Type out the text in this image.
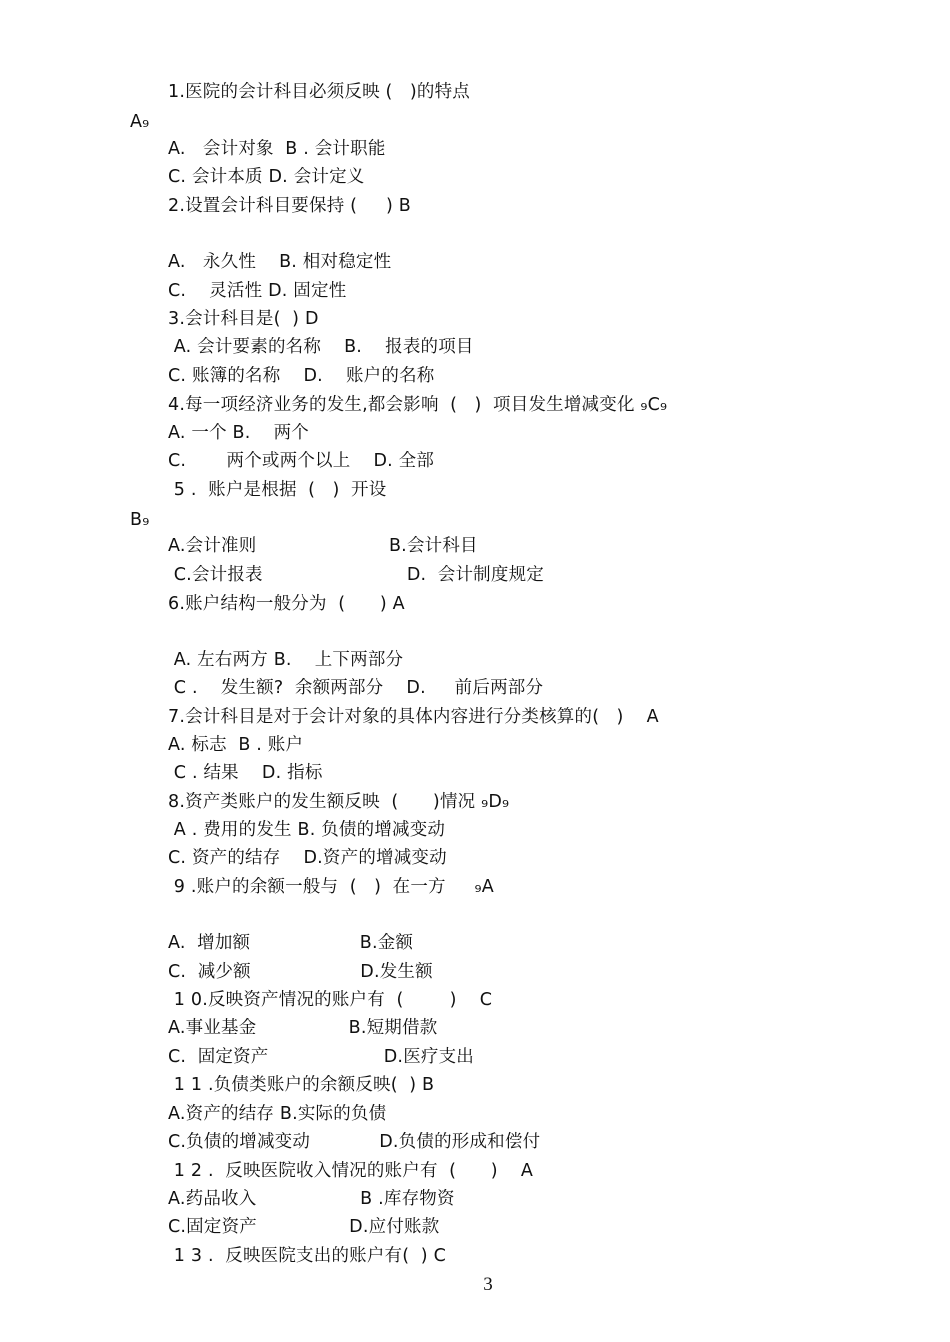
1.医院的会计科目必须反映 (   )的特点
A₉
A.   会计对象  B . 会计职能
C. 会计本质 D. 会计定义
2.设置会计科目要保持 (     ) B
A.   永久性    B. 相对稳定性
C.    灵活性 D. 固定性
3.会计科目是(  ) D
A. 会计要素的名称    B.    报表的项目
C. 账簿的名称    D.    账户的名称
4.每一项经济业务的发生,都会影响  (   )  项目发生增减变化 ₉C₉
A. 一个 B.    两个
C.       两个或两个以上    D. 全部
5 .  账户是根据  (   )  开设
B₉
A.会计准则                       B.会计科目
C.会计报表                         D.  会计制度规定
6.账户结构一般分为  (      ) A
A. 左右两方 B.    上下两部分
C .    发生额?  余额两部分    D.     前后两部分
7.会计科目是对于会计对象的具体内容进行分类核算的(   )    A
A. 标志  B . 账户
C . 结果    D. 指标
8.资产类账户的发生额反映  (      )情况 ₉D₉
A . 费用的发生 B. 负债的增减变动
C. 资产的结存    D.资产的增减变动
9 .账户的余额一般与  (   )  在一方     ₉A
A.  增加额                   B.金额
C.  减少额                   D.发生额
1 0.反映资产情况的账户有  (        )    C
A.事业基金                B.短期借款
C.  固定资产                    D.医疗支出
1 1 .负债类账户的余额反映(  ) B
A.资产的结存 B.实际的负债
C.负债的增减变动            D.负债的形成和偿付
1 2 .  反映医院收入情况的账户有  (      )    A
A.药品收入                  B .库存物资
C.固定资产                D.应付账款
1 3 .  反映医院支出的账户有(  ) C
3
